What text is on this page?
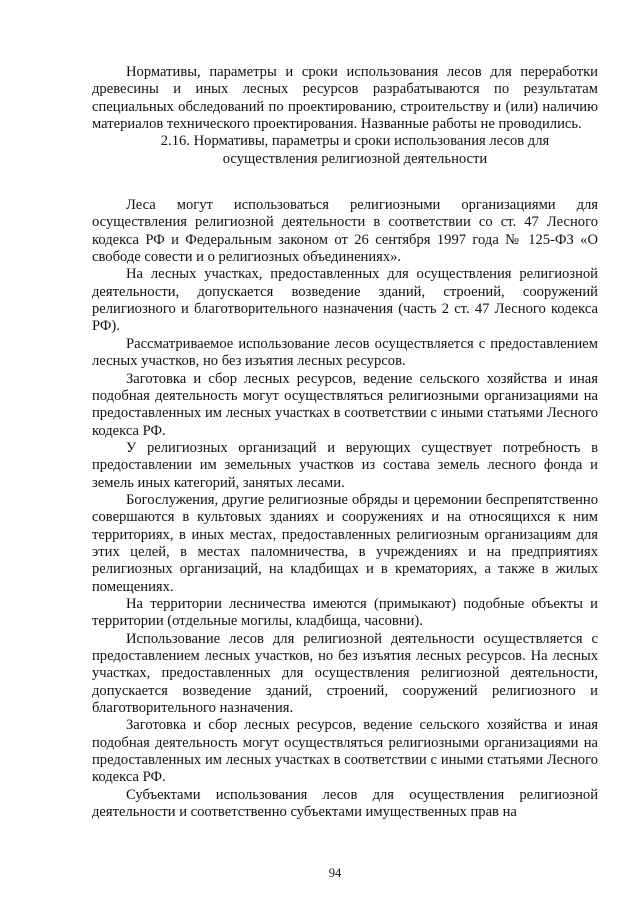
Нормативы, параметры и сроки использования лесов для переработки древесины и иных лесных ресурсов разрабатываются по результатам специальных обследований по проектированию, строительству и (или) наличию материалов технического проектирования. Названные работы не проводились.

2.16. Нормативы, параметры и сроки использования лесов для осуществления религиозной деятельности

Леса могут использоваться религиозными организациями для осуществления религиозной деятельности в соответствии со ст. 47 Лесного кодекса РФ и Федеральным законом от 26 сентября 1997 года № 125-ФЗ «О свободе совести и о религиозных объединениях».

На лесных участках, предоставленных для осуществления религиозной деятельности, допускается возведение зданий, строений, сооружений религиозного и благотворительного назначения (часть 2 ст. 47 Лесного кодекса РФ).

Рассматриваемое использование лесов осуществляется с предоставлением лесных участков, но без изъятия лесных ресурсов.

Заготовка и сбор лесных ресурсов, ведение сельского хозяйства и иная подобная деятельность могут осуществляться религиозными организациями на предоставленных им лесных участках в соответствии с иными статьями Лесного кодекса РФ.

У религиозных организаций и верующих существует потребность в предоставлении им земельных участков из состава земель лесного фонда и земель иных категорий, занятых лесами.

Богослужения, другие религиозные обряды и церемонии беспрепятственно совершаются в культовых зданиях и сооружениях и на относящихся к ним территориях, в иных местах, предоставленных религиозным организациям для этих целей, в местах паломничества, в учреждениях и на предприятиях религиозных организаций, на кладбищах и в крематориях, а также в жилых помещениях.

На территории лесничества имеются (примыкают) подобные объекты и территории (отдельные могилы, кладбища, часовни).

Использование лесов для религиозной деятельности осуществляется с предоставлением лесных участков, но без изъятия лесных ресурсов. На лесных участках, предоставленных для осуществления религиозной деятельности, допускается возведение зданий, строений, сооружений религиозного и благотворительного назначения.

Заготовка и сбор лесных ресурсов, ведение сельского хозяйства и иная подобная деятельность могут осуществляться религиозными организациями на предоставленных им лесных участках в соответствии с иными статьями Лесного кодекса РФ.

Субъектами использования лесов для осуществления религиозной деятельности и соответственно субъектами имущественных прав на

94
